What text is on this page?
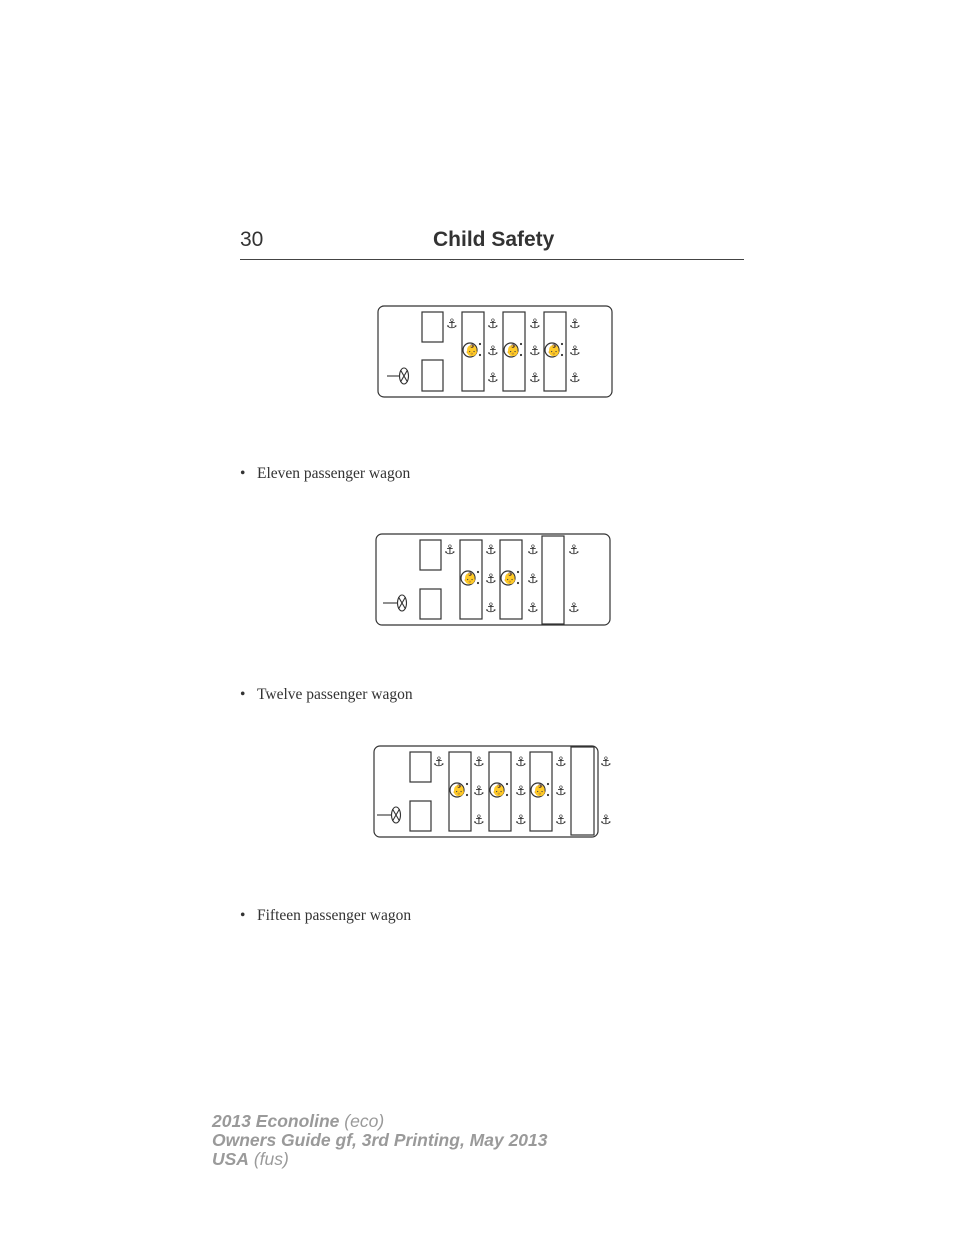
30	Child Safety
⚓
👶
⚓
⚓
⚓
👶
⚓
⚓
⚓
👶
⚓
⚓
⚓
• Eleven passenger wagon
⚓
👶
⚓
⚓
⚓
👶
⚓
⚓
⚓
⚓
⚓
• Twelve passenger wagon
⚓
👶
⚓
⚓
⚓
👶
⚓
⚓
⚓
👶
⚓
⚓
⚓
⚓
⚓
• Fifteen passenger wagon
2013 Econoline (eco)
Owners Guide gf, 3rd Printing, May 2013
USA (fus)
